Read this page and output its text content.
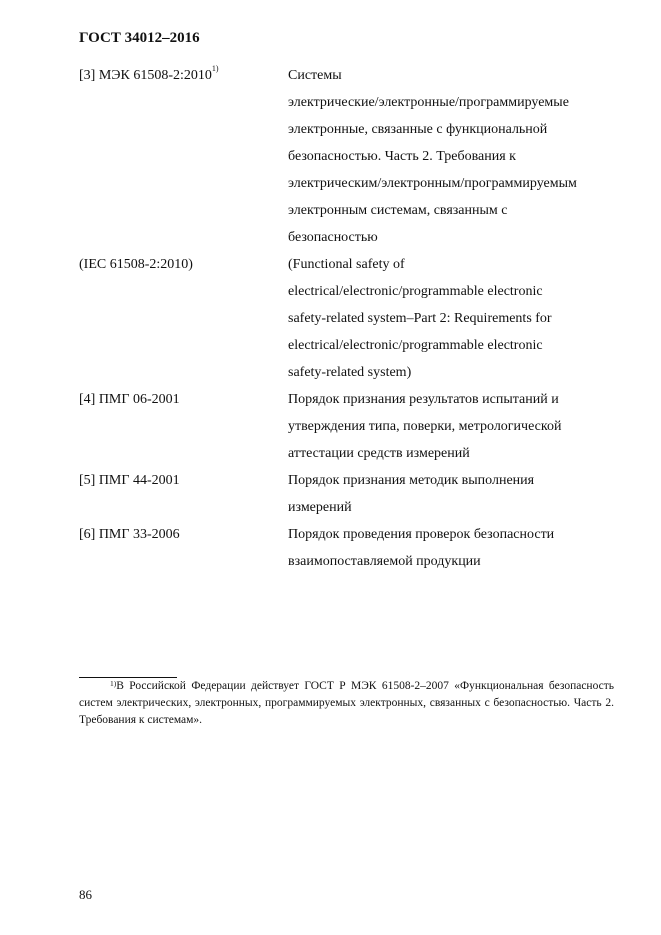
ГОСТ 34012–2016
[3] МЭК 61508-2:2010$^{1)}$	Системы
электрические/электронные/программируемые
электронные, связанные с функциональной
безопасностью. Часть 2. Требования к
электрическим/электронным/программируемым
электронным системам, связанным с
безопасностью
(IEC 61508-2:2010)	(Functional safety of
electrical/electronic/programmable electronic
safety-related system–Part 2: Requirements for
electrical/electronic/programmable electronic
safety-related system)
[4] ПМГ 06-2001	Порядок признания результатов испытаний и
утверждения типа, поверки, метрологической
аттестации средств измерений
[5] ПМГ 44-2001	Порядок признания методик выполнения
измерений
[6] ПМГ 33-2006	Порядок проведения проверок безопасности
взаимопоставляемой продукции
$^{1)}$В Российской Федерации действует ГОСТ Р МЭК 61508-2–2007 «Функциональная безопасность систем электрических, электронных, программируемых электронных, связанных с безопасностью. Часть 2. Требования к системам».
86
